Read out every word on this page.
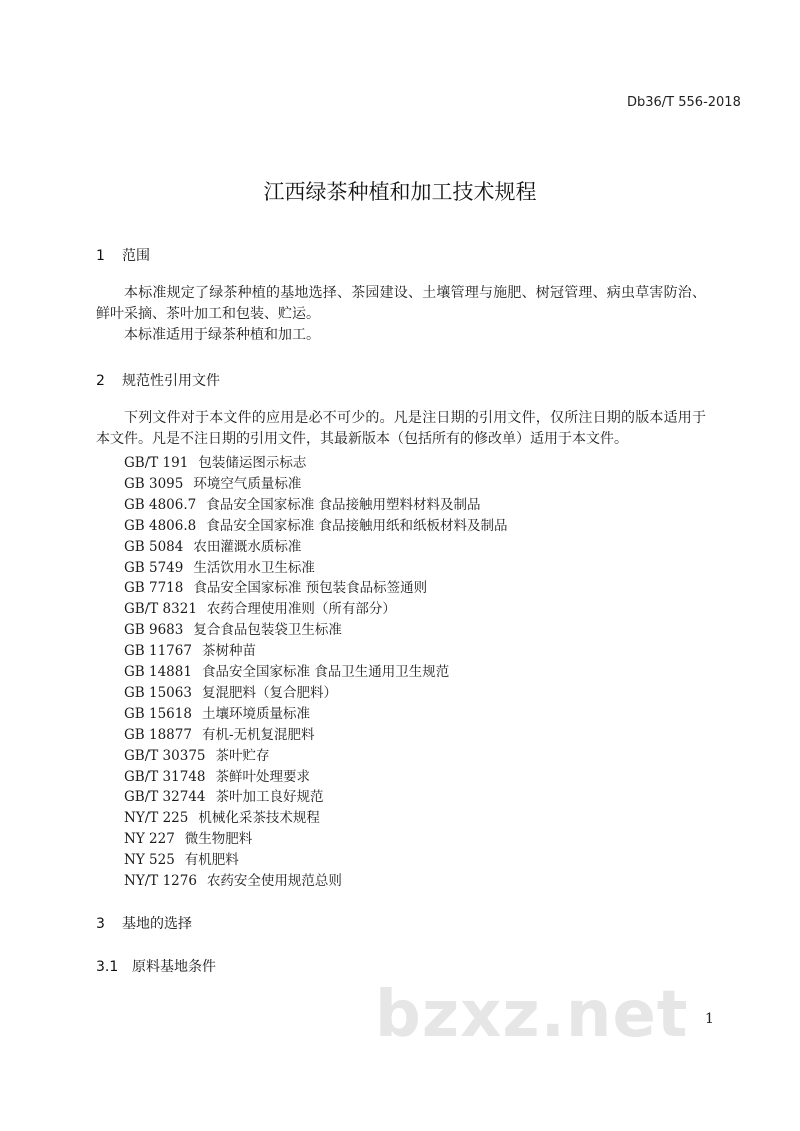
Db36/T 556-2018
江西绿茶种植和加工技术规程
1 范围
本标准规定了绿茶种植的基地选择、茶园建设、土壤管理与施肥、树冠管理、病虫草害防治、鲜叶采摘、茶叶加工和包装、贮运。
本标准适用于绿茶种植和加工。
2 规范性引用文件
下列文件对于本文件的应用是必不可少的。凡是注日期的引用文件，仅所注日期的版本适用于本文件。凡是不注日期的引用文件，其最新版本（包括所有的修改单）适用于本文件。
GB/T 191 包装储运图示标志
GB 3095 环境空气质量标准
GB 4806.7 食品安全国家标准 食品接触用塑料材料及制品
GB 4806.8 食品安全国家标准 食品接触用纸和纸板材料及制品
GB 5084 农田灌溉水质标准
GB 5749 生活饮用水卫生标准
GB 7718 食品安全国家标准 预包装食品标签通则
GB/T 8321 农药合理使用准则（所有部分）
GB 9683 复合食品包装袋卫生标准
GB 11767 茶树种苗
GB 14881 食品安全国家标准 食品卫生通用卫生规范
GB 15063 复混肥料（复合肥料）
GB 15618 土壤环境质量标准
GB 18877 有机-无机复混肥料
GB/T 30375 茶叶贮存
GB/T 31748 茶鲜叶处理要求
GB/T 32744 茶叶加工良好规范
NY/T 225 机械化采茶技术规程
NY 227 微生物肥料
NY 525 有机肥料
NY/T 1276 农药安全使用规范总则
3 基地的选择
3.1 原料基地条件
bzxz.net 1
